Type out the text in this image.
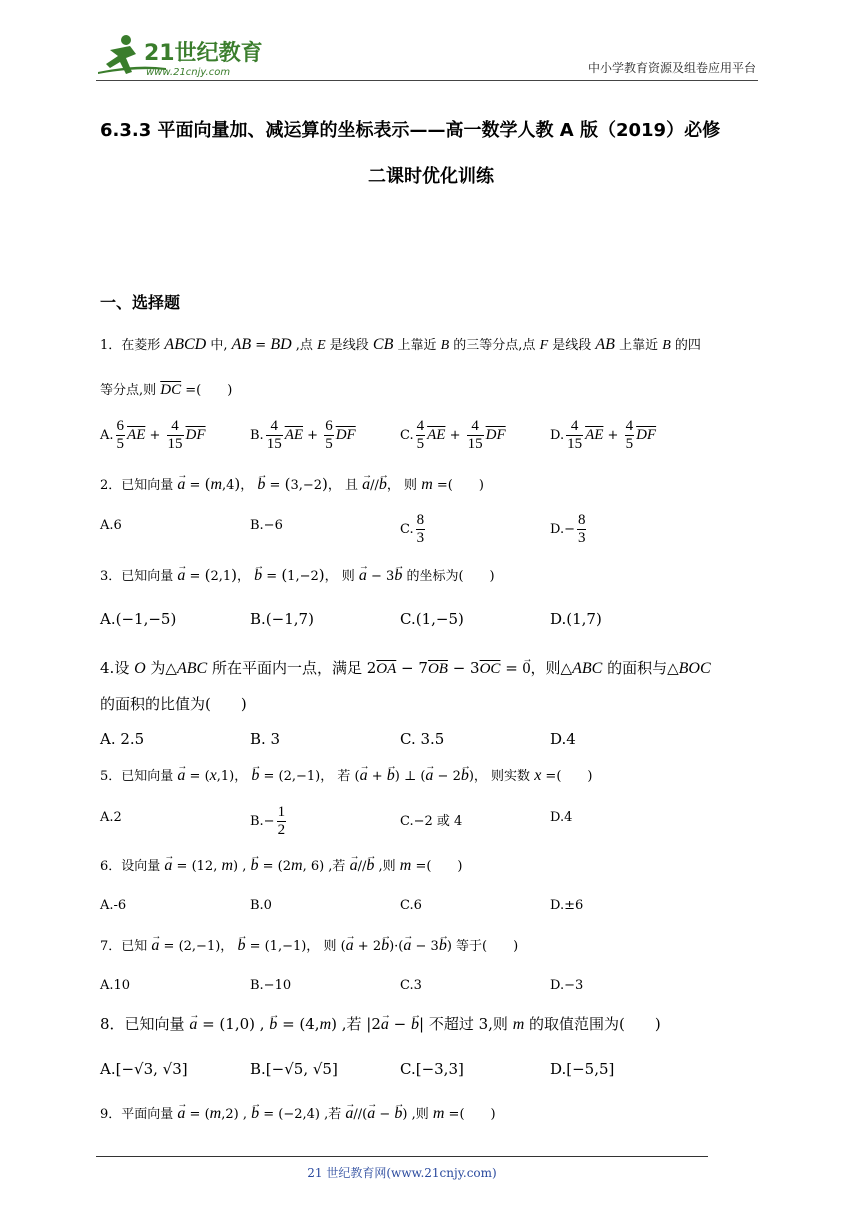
21世纪教育
www.21cnjy.com	中小学教育资源及组卷应用平台
6.3.3 平面向量加、减运算的坐标表示——高一数学人教 A 版（2019）必修
二课时优化训练
一、选择题
1．在菱形 ABCD 中, AB = BD ,点 E 是线段 CB 上靠近 B 的三等分点,点 F 是线段 AB 上靠近 B 的四
等分点,则 $\overline{DC}$ =(　　)
A. $\frac{6}{5} \overline{AE} + \frac{4}{15} \overline{DF}$	B. $\frac{4}{15} \overline{AE} + \frac{6}{5} \overline{DF}$	C. $\frac{4}{5} \overline{AE} + \frac{4}{15} \overline{DF}$	D. $\frac{4}{15} \overline{AE} + \frac{4}{5} \overline{DF}$
2．已知向量 → a = (m,4)， → b = (3,−2)， 且 → a//→ b， 则 m =(　　)
A.6	B.−6	C. $\frac{8}{3}$	$D.- \frac{8}{3}$
3．已知向量 → a = (2,1)， → b = (1,−2)， 则 → a − 3→ b 的坐标为(　　)
A.(−1,−5)	B.(−1,7)	C.(1,−5)	D.(1,7)
4.设 O 为△ABC 所在平面内一点，满足 $2\overline{OA} - 7\overline{OB} - 3\overline{OC}$ = → 0，则△ABC 的面积与△BOC
的面积的比值为(　　)
A. 2.5	B. 3	C. 3.5	D.4
5．已知向量 → a = (x,1)， → b = (2,−1)， 若 (→ a + → b) ⊥ (→ a − 2→ b)， 则实数 x =(　　)
A.2	$B.- \frac{1}{2}$	C.−2 或 4	D.4
6．设向量 → a = (12, m) , → b = (2m, 6) ,若 → a//→ b ,则 m =(　　)
A.-6	B.0	C.6	D.±6
7．已知 → a = (2,−1)， → b = (1,−1)， 则 (→ a + 2→ b)·(→ a − 3→ b) 等于(　　)
A.10	B.−10	C.3	D.−3
8．已知向量 → a = (1,0) , → b = (4,m) ,若 |2→ a − → b| 不超过 3,则 m 的取值范围为(　　)
A.[−√3, √3]	B.[−√5, √5]	C.[−3,3]	D.[−5,5]
9．平面向量 → a = (m,2) , → b = (−2,4) ,若 → a//(→ a − → b) ,则 m =(　　)
21 世纪教育网(www.21cnjy.com)
